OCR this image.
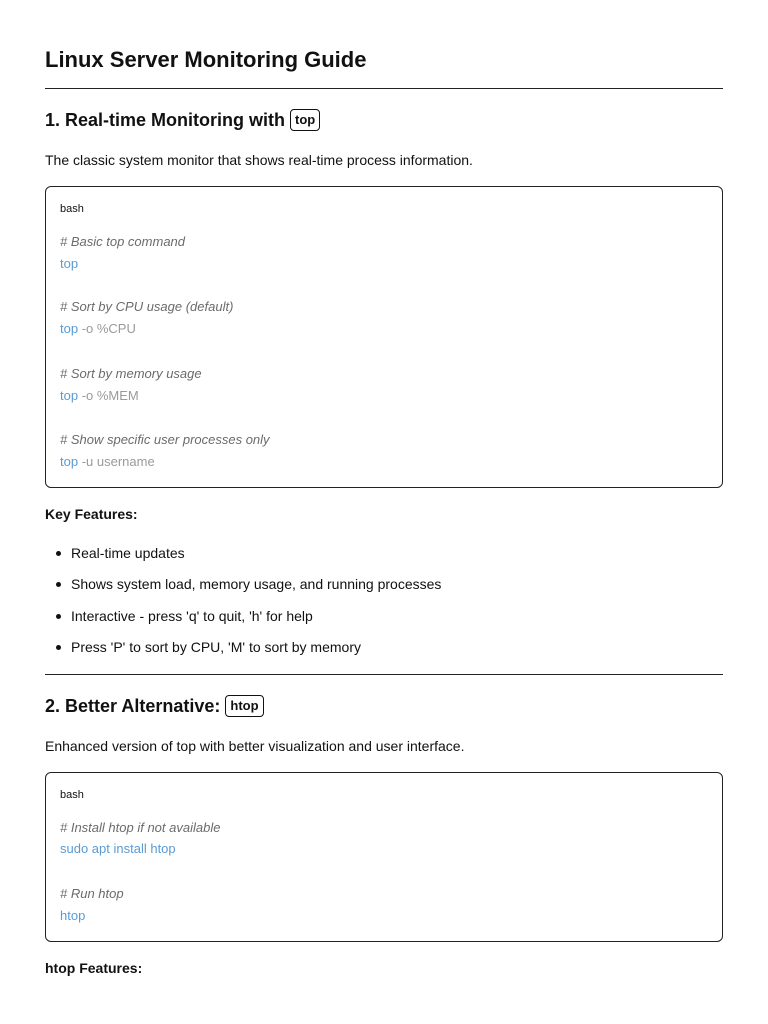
Linux Server Monitoring Guide
1. Real-time Monitoring with top

The classic system monitor that shows real-time process information.

bash
# Basic top command
top
# Sort by CPU usage (default)
top -o %CPU
# Sort by memory usage
top -o %MEM
# Show specific user processes only
top -u username

Key Features:

Real-time updates
Shows system load, memory usage, and running processes
Interactive - press 'q' to quit, 'h' for help
Press 'P' to sort by CPU, 'M' to sort by memory
2. Better Alternative: htop

Enhanced version of top with better visualization and user interface.

bash
# Install htop if not available
sudo apt install htop
# Run htop
htop

htop Features:
